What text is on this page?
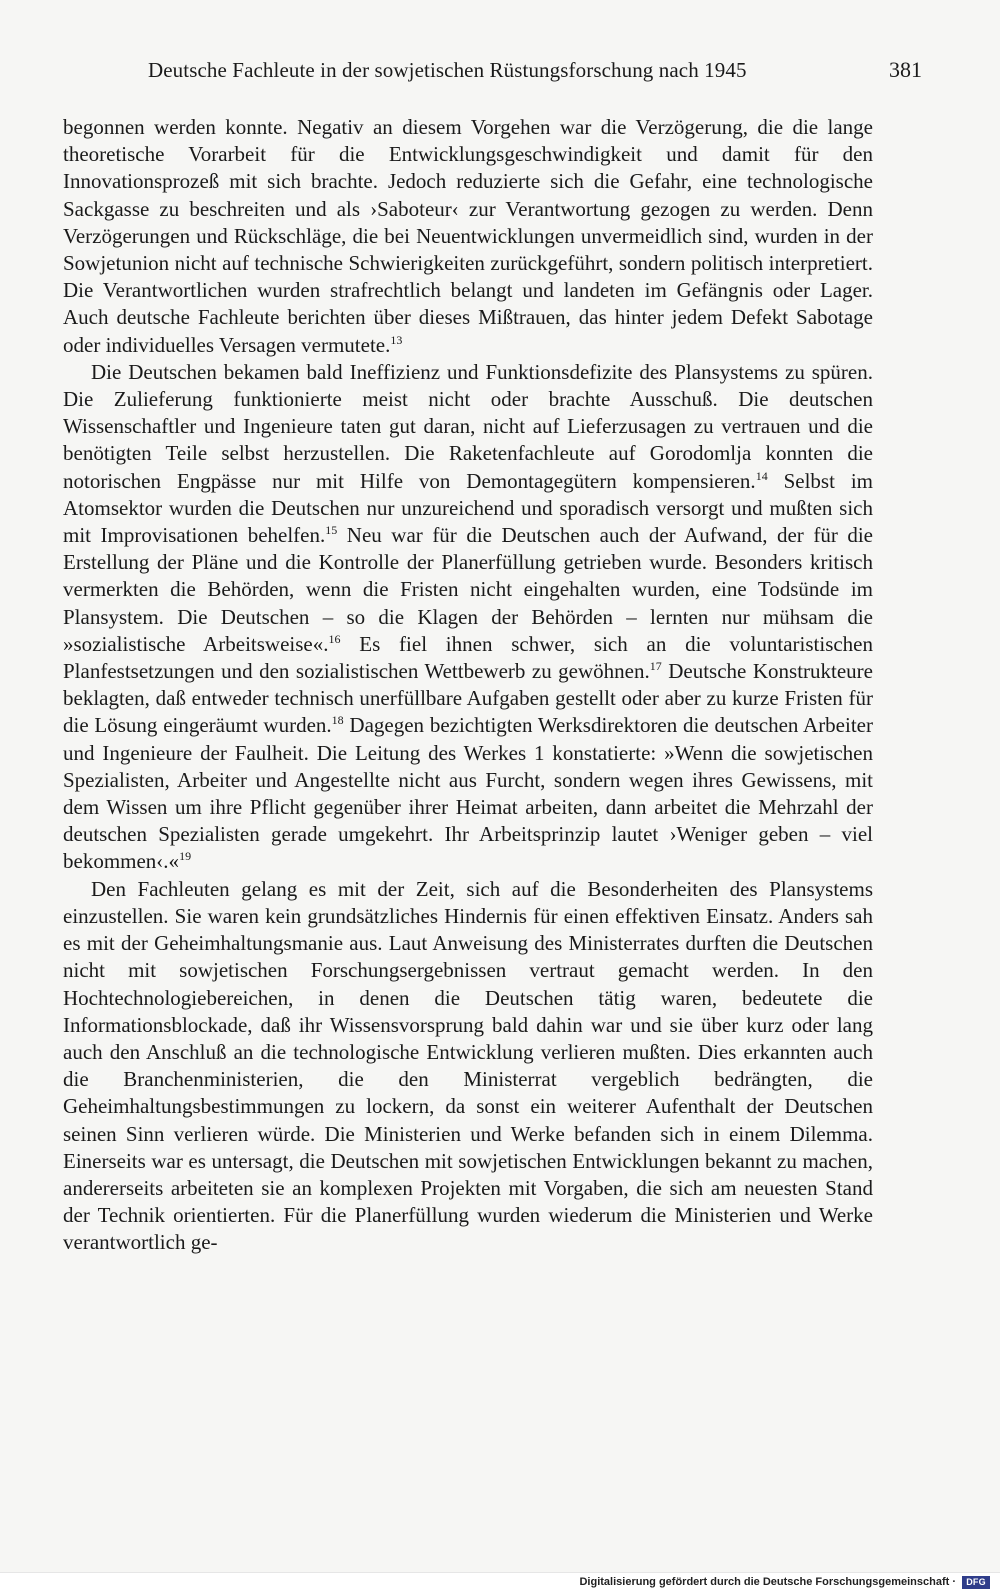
Deutsche Fachleute in der sowjetischen Rüstungsforschung nach 1945	381

begonnen werden konnte. Negativ an diesem Vorgehen war die Verzögerung, die die lange theoretische Vorarbeit für die Entwicklungsgeschwindigkeit und damit für den Innovationsprozeß mit sich brachte. Jedoch reduzierte sich die Gefahr, eine technologische Sackgasse zu beschreiten und als ›Saboteur‹ zur Verantwortung gezogen zu werden. Denn Verzögerungen und Rückschläge, die bei Neuentwicklungen unvermeidlich sind, wurden in der Sowjetunion nicht auf technische Schwierigkeiten zurückgeführt, sondern politisch interpretiert. Die Verantwortlichen wurden strafrechtlich belangt und landeten im Gefängnis oder Lager. Auch deutsche Fachleute berichten über dieses Mißtrauen, das hinter jedem Defekt Sabotage oder individuelles Versagen vermutete.$^{13}$

Die Deutschen bekamen bald Ineffizienz und Funktionsdefizite des Plansystems zu spüren. Die Zulieferung funktionierte meist nicht oder brachte Ausschuß. Die deutschen Wissenschaftler und Ingenieure taten gut daran, nicht auf Lieferzusagen zu vertrauen und die benötigten Teile selbst herzustellen. Die Raketenfachleute auf Gorodomlja konnten die notorischen Engpässe nur mit Hilfe von Demontagegütern kompensieren.$^{14}$ Selbst im Atomsektor wurden die Deutschen nur unzureichend und sporadisch versorgt und mußten sich mit Improvisationen behelfen.$^{15}$ Neu war für die Deutschen auch der Aufwand, der für die Erstellung der Pläne und die Kontrolle der Planerfüllung getrieben wurde. Besonders kritisch vermerkten die Behörden, wenn die Fristen nicht eingehalten wurden, eine Todsünde im Plansystem. Die Deutschen – so die Klagen der Behörden – lernten nur mühsam die »sozialistische Arbeitsweise«.$^{16}$ Es fiel ihnen schwer, sich an die voluntaristischen Planfestsetzungen und den sozialistischen Wettbewerb zu gewöhnen.$^{17}$ Deutsche Konstrukteure beklagten, daß entweder technisch unerfüllbare Aufgaben gestellt oder aber zu kurze Fristen für die Lösung eingeräumt wurden.$^{18}$ Dagegen bezichtigten Werksdirektoren die deutschen Arbeiter und Ingenieure der Faulheit. Die Leitung des Werkes 1 konstatierte: »Wenn die sowjetischen Spezialisten, Arbeiter und Angestellte nicht aus Furcht, sondern wegen ihres Gewissens, mit dem Wissen um ihre Pflicht gegenüber ihrer Heimat arbeiten, dann arbeitet die Mehrzahl der deutschen Spezialisten gerade umgekehrt. Ihr Arbeitsprinzip lautet ›Weniger geben – viel bekommen‹.«$^{19}$

Den Fachleuten gelang es mit der Zeit, sich auf die Besonderheiten des Plansystems einzustellen. Sie waren kein grundsätzliches Hindernis für einen effektiven Einsatz. Anders sah es mit der Geheimhaltungsmanie aus. Laut Anweisung des Ministerrates durften die Deutschen nicht mit sowjetischen Forschungsergebnissen vertraut gemacht werden. In den Hochtechnologiebereichen, in denen die Deutschen tätig waren, bedeutete die Informationsblockade, daß ihr Wissensvorsprung bald dahin war und sie über kurz oder lang auch den Anschluß an die technologische Entwicklung verlieren mußten. Dies erkannten auch die Branchenministerien, die den Ministerrat vergeblich bedrängten, die Geheimhaltungsbestimmungen zu lockern, da sonst ein weiterer Aufenthalt der Deutschen seinen Sinn verlieren würde. Die Ministerien und Werke befanden sich in einem Dilemma. Einerseits war es untersagt, die Deutschen mit sowjetischen Entwicklungen bekannt zu machen, andererseits arbeiteten sie an komplexen Projekten mit Vorgaben, die sich am neuesten Stand der Technik orientierten. Für die Planerfüllung wurden wiederum die Ministerien und Werke verantwortlich ge-

Digitalisierung gefördert durch die Deutsche Forschungsgemeinschaft ·	DFG
